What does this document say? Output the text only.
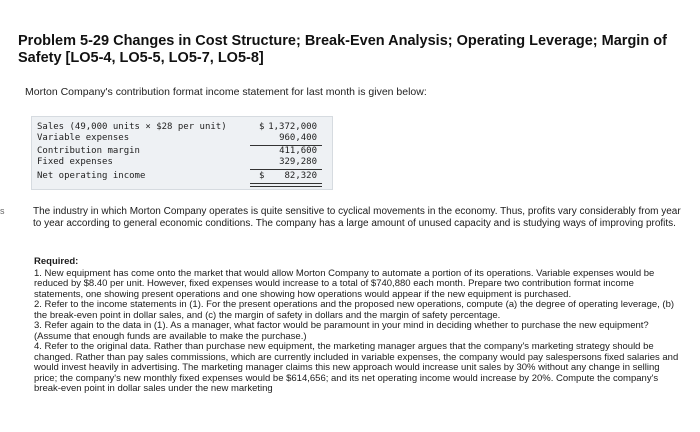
Problem 5-29 Changes in Cost Structure; Break-Even Analysis; Operating Leverage; Margin of Safety [LO5-4, LO5-5, LO5-7, LO5-8]
Morton Company's contribution format income statement for last month is given below:
Sales (49,000 units × $28 per unit)	$ 1,372,000
Variable expenses	960,400
Contribution margin	411,600
Fixed expenses	329,280
Net operating income	$ 82,320
s	The industry in which Morton Company operates is quite sensitive to cyclical movements in the economy. Thus, profits vary considerably from year to year according to general economic conditions. The company has a large amount of unused capacity and is studying ways of improving profits.
Required:

1. New equipment has come onto the market that would allow Morton Company to automate a portion of its operations. Variable expenses would be reduced by $8.40 per unit. However, fixed expenses would increase to a total of $740,880 each month. Prepare two contribution format income statements, one showing present operations and one showing how operations would appear if the new equipment is purchased.

2. Refer to the income statements in (1). For the present operations and the proposed new operations, compute (a) the degree of operating leverage, (b) the break-even point in dollar sales, and (c) the margin of safety in dollars and the margin of safety percentage.

3. Refer again to the data in (1). As a manager, what factor would be paramount in your mind in deciding whether to purchase the new equipment? (Assume that enough funds are available to make the purchase.)

4. Refer to the original data. Rather than purchase new equipment, the marketing manager argues that the company's marketing strategy should be changed. Rather than pay sales commissions, which are currently included in variable expenses, the company would pay salespersons fixed salaries and would invest heavily in advertising. The marketing manager claims this new approach would increase unit sales by 30% without any change in selling price; the company's new monthly fixed expenses would be $614,656; and its net operating income would increase by 20%. Compute the company's break-even point in dollar sales under the new marketing
